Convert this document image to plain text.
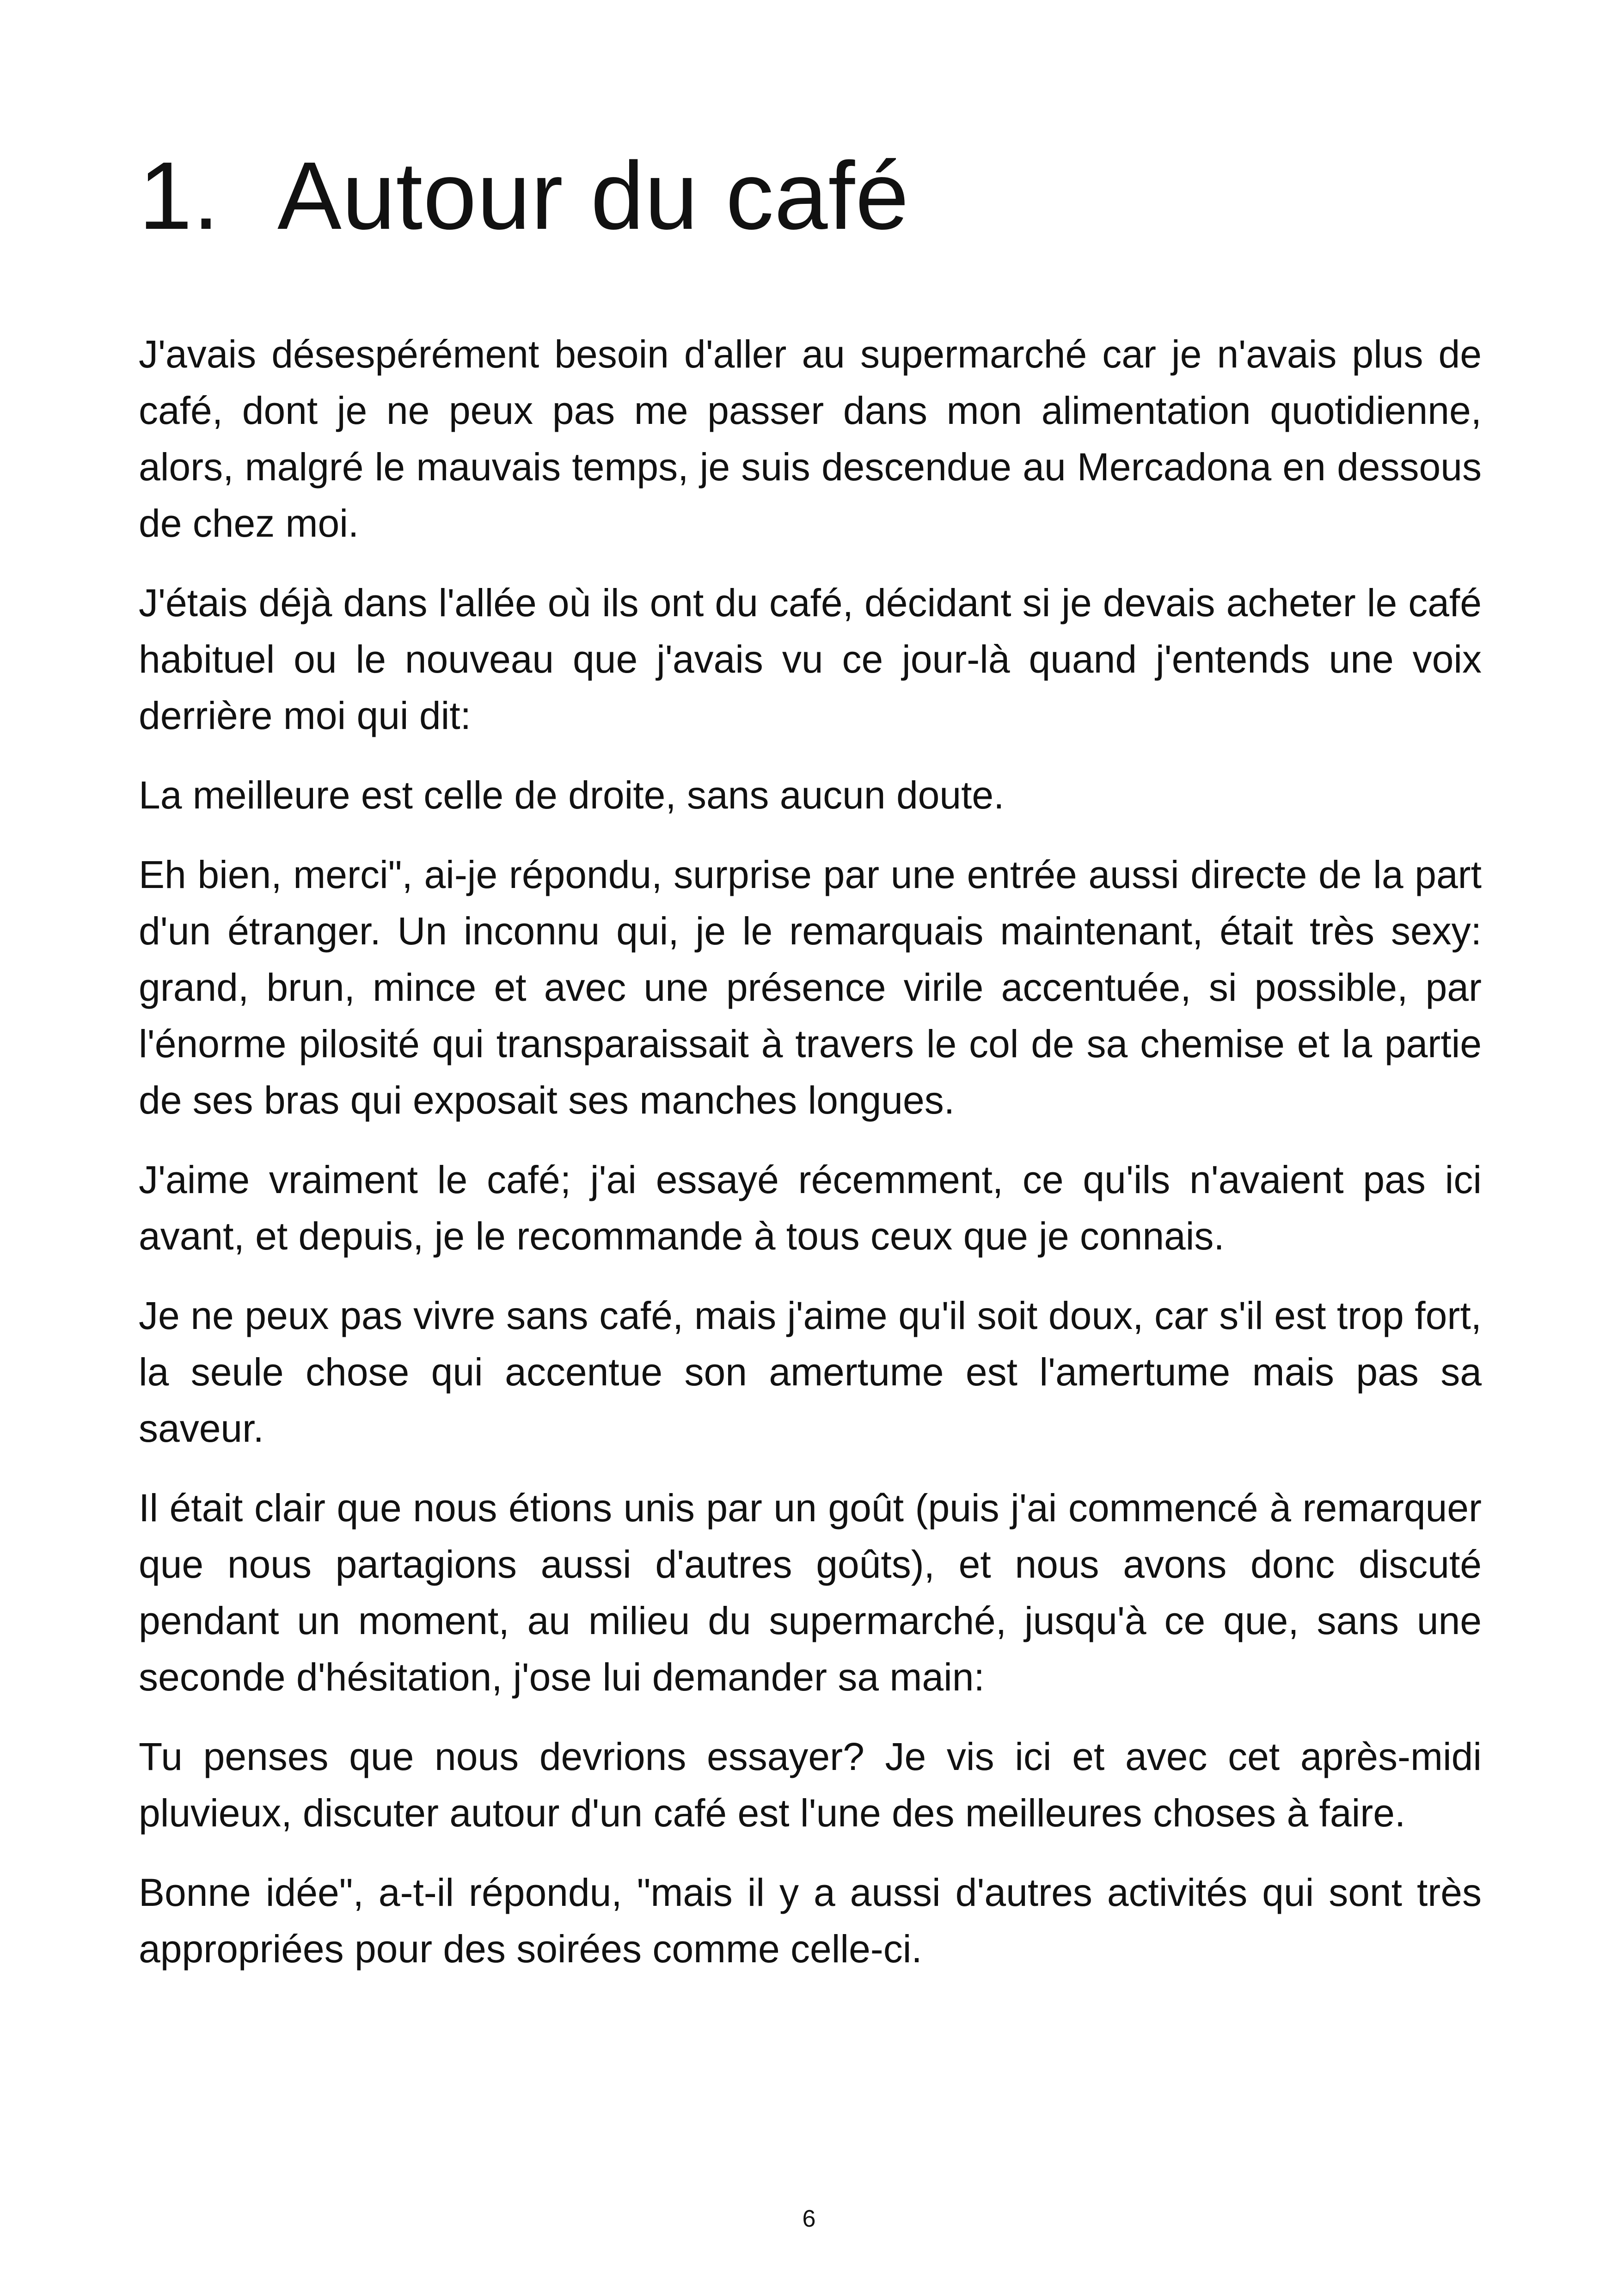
1. Autour du café

J'avais désespérément besoin d'aller au supermarché car je n'avais plus de café, dont je ne peux pas me passer dans mon alimentation quotidienne, alors, malgré le mauvais temps, je suis descendue au Mercadona en dessous de chez moi.

J'étais déjà dans l'allée où ils ont du café, décidant si je devais acheter le café habituel ou le nouveau que j'avais vu ce jour-là quand j'entends une voix derrière moi qui dit:

La meilleure est celle de droite, sans aucun doute.

Eh bien, merci", ai-je répondu, surprise par une entrée aussi directe de la part d'un étranger. Un inconnu qui, je le remarquais maintenant, était très sexy: grand, brun, mince et avec une présence virile accentuée, si possible, par l'énorme pilosité qui transparaissait à travers le col de sa chemise et la partie de ses bras qui exposait ses manches longues.

J'aime vraiment le café; j'ai essayé récemment, ce qu'ils n'avaient pas ici avant, et depuis, je le recommande à tous ceux que je connais.

Je ne peux pas vivre sans café, mais j'aime qu'il soit doux, car s'il est trop fort, la seule chose qui accentue son amertume est l'amertume mais pas sa saveur.

Il était clair que nous étions unis par un goût (puis j'ai commencé à remarquer que nous partagions aussi d'autres goûts), et nous avons donc discuté pendant un moment, au milieu du supermarché, jusqu'à ce que, sans une seconde d'hésitation, j'ose lui demander sa main:

Tu penses que nous devrions essayer? Je vis ici et avec cet après-midi pluvieux, discuter autour d'un café est l'une des meilleures choses à faire.

Bonne idée", a-t-il répondu, "mais il y a aussi d'autres activités qui sont très appropriées pour des soirées comme celle-ci.

6
